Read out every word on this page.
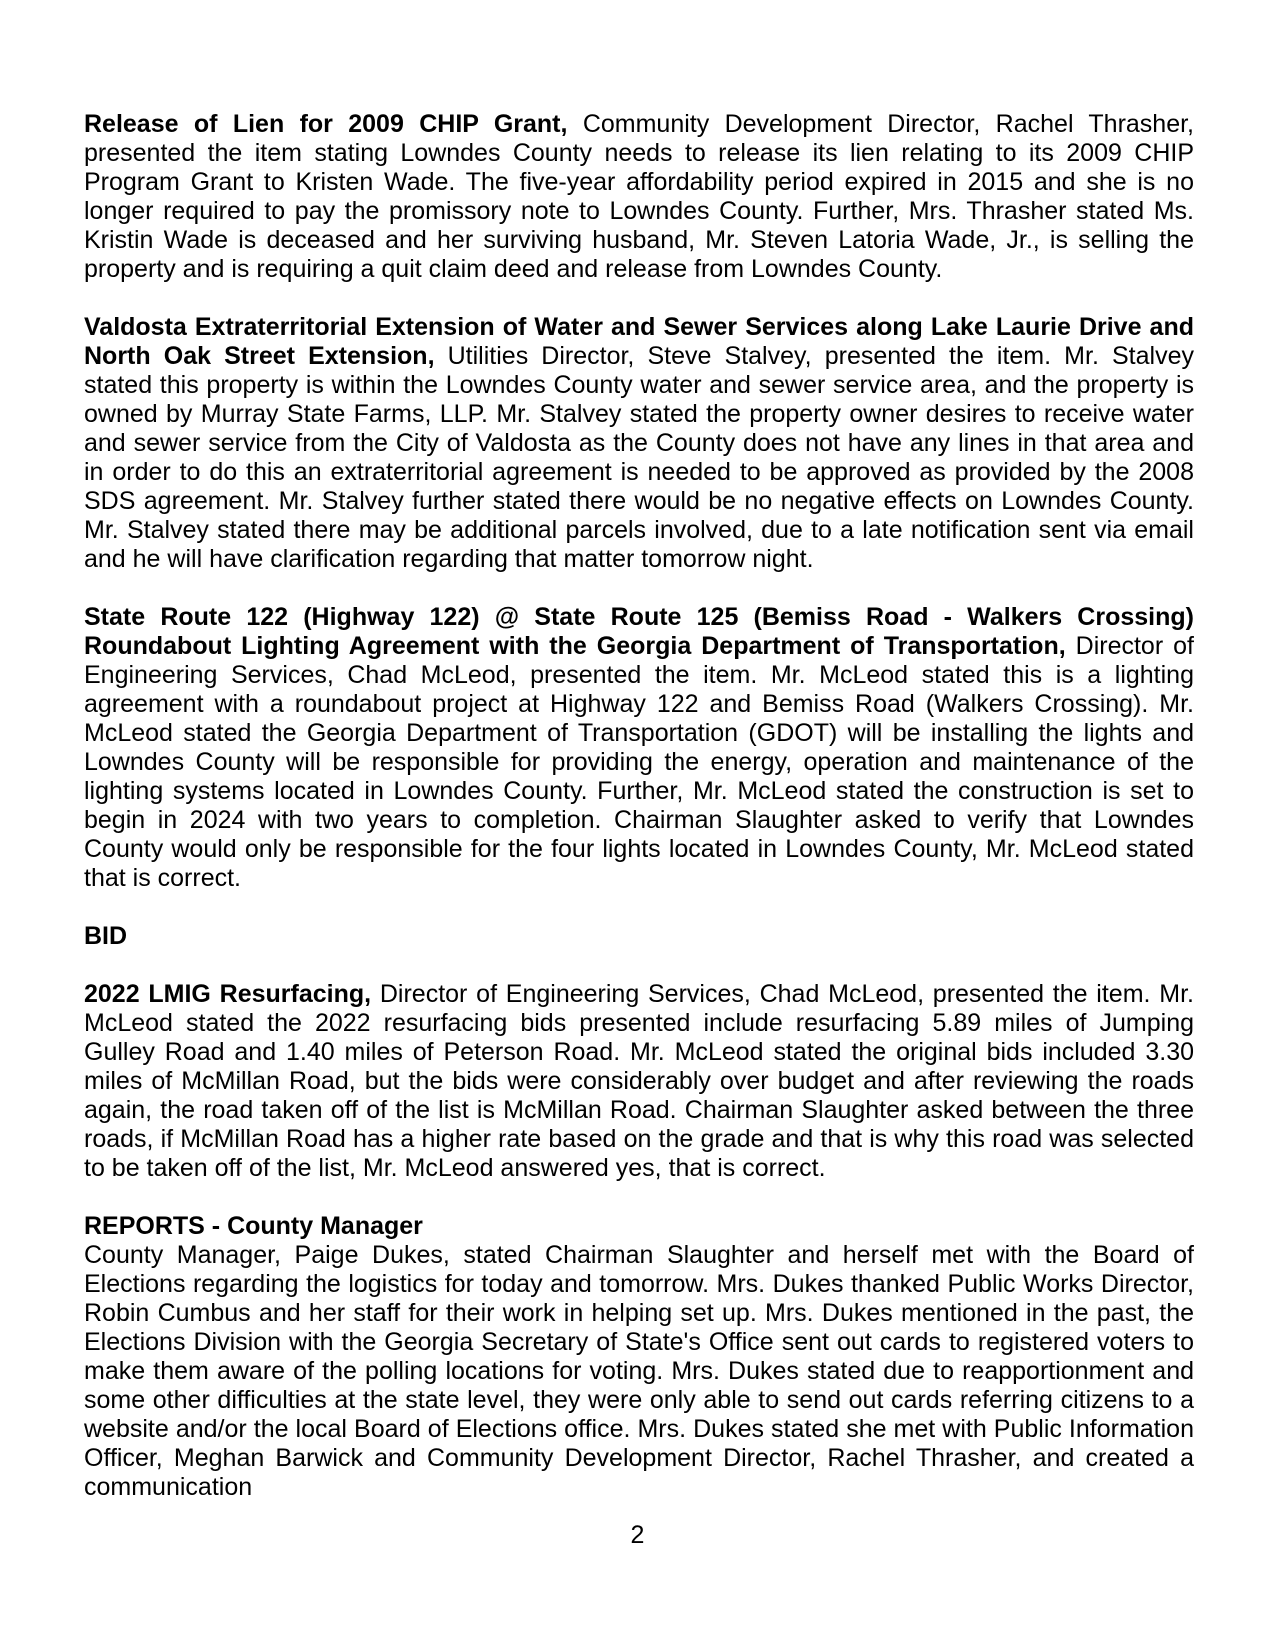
Release of Lien for 2009 CHIP Grant, Community Development Director, Rachel Thrasher, presented the item stating Lowndes County needs to release its lien relating to its 2009 CHIP Program Grant to Kristen Wade. The five-year affordability period expired in 2015 and she is no longer required to pay the promissory note to Lowndes County. Further, Mrs. Thrasher stated Ms. Kristin Wade is deceased and her surviving husband, Mr. Steven Latoria Wade, Jr., is selling the property and is requiring a quit claim deed and release from Lowndes County.

Valdosta Extraterritorial Extension of Water and Sewer Services along Lake Laurie Drive and North Oak Street Extension, Utilities Director, Steve Stalvey, presented the item. Mr. Stalvey stated this property is within the Lowndes County water and sewer service area, and the property is owned by Murray State Farms, LLP. Mr. Stalvey stated the property owner desires to receive water and sewer service from the City of Valdosta as the County does not have any lines in that area and in order to do this an extraterritorial agreement is needed to be approved as provided by the 2008 SDS agreement. Mr. Stalvey further stated there would be no negative effects on Lowndes County. Mr. Stalvey stated there may be additional parcels involved, due to a late notification sent via email and he will have clarification regarding that matter tomorrow night.

State Route 122 (Highway 122) @ State Route 125 (Bemiss Road - Walkers Crossing) Roundabout Lighting Agreement with the Georgia Department of Transportation, Director of Engineering Services, Chad McLeod, presented the item. Mr. McLeod stated this is a lighting agreement with a roundabout project at Highway 122 and Bemiss Road (Walkers Crossing). Mr. McLeod stated the Georgia Department of Transportation (GDOT) will be installing the lights and Lowndes County will be responsible for providing the energy, operation and maintenance of the lighting systems located in Lowndes County. Further, Mr. McLeod stated the construction is set to begin in 2024 with two years to completion. Chairman Slaughter asked to verify that Lowndes County would only be responsible for the four lights located in Lowndes County, Mr. McLeod stated that is correct.

BID

2022 LMIG Resurfacing, Director of Engineering Services, Chad McLeod, presented the item. Mr. McLeod stated the 2022 resurfacing bids presented include resurfacing 5.89 miles of Jumping Gulley Road and 1.40 miles of Peterson Road. Mr. McLeod stated the original bids included 3.30 miles of McMillan Road, but the bids were considerably over budget and after reviewing the roads again, the road taken off of the list is McMillan Road. Chairman Slaughter asked between the three roads, if McMillan Road has a higher rate based on the grade and that is why this road was selected to be taken off of the list, Mr. McLeod answered yes, that is correct.

REPORTS - County Manager

County Manager, Paige Dukes, stated Chairman Slaughter and herself met with the Board of Elections regarding the logistics for today and tomorrow. Mrs. Dukes thanked Public Works Director, Robin Cumbus and her staff for their work in helping set up. Mrs. Dukes mentioned in the past, the Elections Division with the Georgia Secretary of State's Office sent out cards to registered voters to make them aware of the polling locations for voting. Mrs. Dukes stated due to reapportionment and some other difficulties at the state level, they were only able to send out cards referring citizens to a website and/or the local Board of Elections office. Mrs. Dukes stated she met with Public Information Officer, Meghan Barwick and Community Development Director, Rachel Thrasher, and created a communication

2
